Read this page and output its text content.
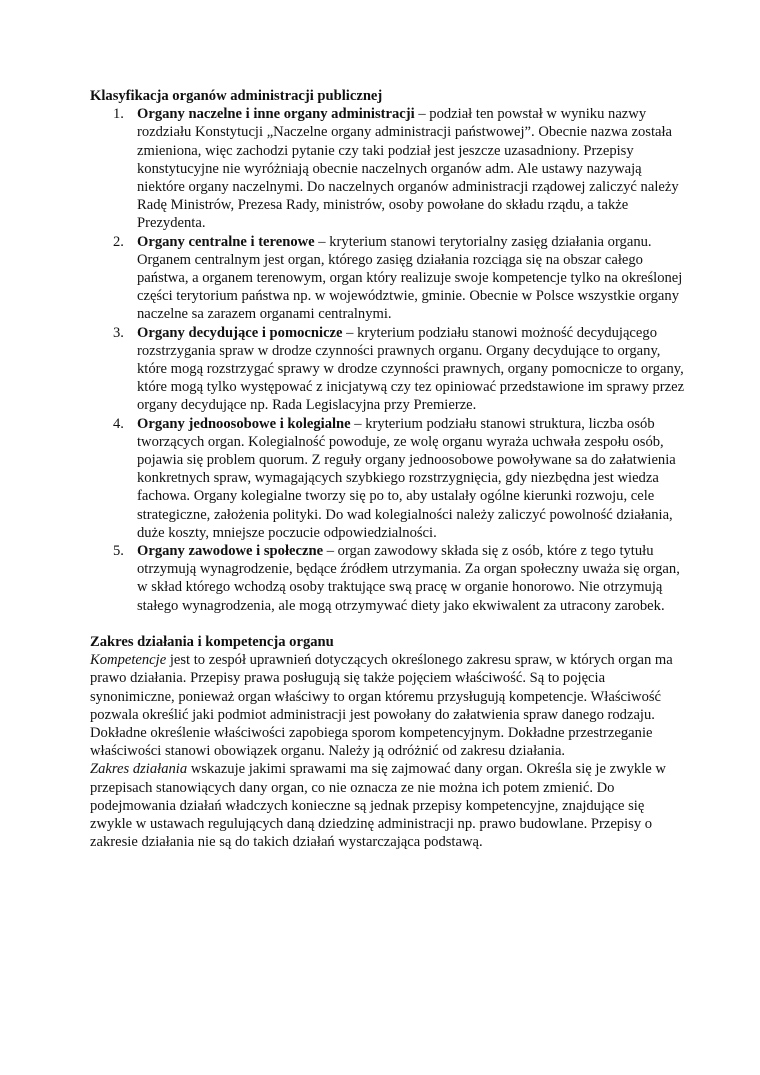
Klasyfikacja organów administracji publicznej

1. Organy naczelne i inne organy administracji – podział ten powstał w wyniku nazwy rozdziału Konstytucji „Naczelne organy administracji państwowej”. Obecnie nazwa została zmieniona, więc zachodzi pytanie czy taki podział jest jeszcze uzasadniony. Przepisy konstytucyjne nie wyróżniają obecnie naczelnych organów adm. Ale ustawy nazywają niektóre organy naczelnymi. Do naczelnych organów administracji rządowej zaliczyć należy Radę Ministrów, Prezesa Rady, ministrów, osoby powołane do składu rządu, a także Prezydenta.
2. Organy centralne i terenowe – kryterium stanowi terytorialny zasięg działania organu. Organem centralnym jest organ, którego zasięg działania rozciąga się na obszar całego państwa, a organem terenowym, organ który realizuje swoje kompetencje tylko na określonej części terytorium państwa np. w województwie, gminie. Obecnie w Polsce wszystkie organy naczelne sa zarazem organami centralnymi.
3. Organy decydujące i pomocnicze – kryterium podziału stanowi możność decydującego rozstrzygania spraw w drodze czynności prawnych organu. Organy decydujące to organy, które mogą rozstrzygać sprawy w drodze czynności prawnych, organy pomocnicze to organy, które mogą tylko występować z inicjatywą czy tez opiniować przedstawione im sprawy przez organy decydujące np. Rada Legislacyjna przy Premierze.
4. Organy jednoosobowe i kolegialne – kryterium podziału stanowi struktura, liczba osób tworzących organ. Kolegialność powoduje, ze wolę organu wyraża uchwała zespołu osób, pojawia się problem quorum. Z reguły organy jednoosobowe powoływane sa do załatwienia konkretnych spraw, wymagających szybkiego rozstrzygnięcia, gdy niezbędna jest wiedza fachowa. Organy kolegialne tworzy się po to, aby ustalały ogólne kierunki rozwoju, cele strategiczne, założenia polityki. Do wad kolegialności należy zaliczyć powolność działania, duże koszty, mniejsze poczucie odpowiedzialności.
5. Organy zawodowe i społeczne – organ zawodowy składa się z osób, które z tego tytułu otrzymują wynagrodzenie, będące źródłem utrzymania. Za organ społeczny uważa się organ, w skład którego wchodzą osoby traktujące swą pracę w organie honorowo. Nie otrzymują stałego wynagrodzenia, ale mogą otrzymywać diety jako ekwiwalent za utracony zarobek.

Zakres działania i kompetencja organu

Kompetencje jest to zespół uprawnień dotyczących określonego zakresu spraw, w których organ ma prawo działania. Przepisy prawa posługują się także pojęciem właściwość. Są to pojęcia synonimiczne, ponieważ organ właściwy to organ któremu przysługują kompetencje. Właściwość pozwala określić jaki podmiot administracji jest powołany do załatwienia spraw danego rodzaju. Dokładne określenie właściwości zapobiega sporom kompetencyjnym. Dokładne przestrzeganie właściwości stanowi obowiązek organu. Należy ją odróżnić od zakresu działania.

Zakres działania wskazuje jakimi sprawami ma się zajmować dany organ. Określa się je zwykle w przepisach stanowiących dany organ, co nie oznacza ze nie można ich potem zmienić. Do podejmowania działań władczych konieczne są jednak przepisy kompetencyjne, znajdujące się zwykle w ustawach regulujących daną dziedzinę administracji np. prawo budowlane. Przepisy o zakresie działania nie są do takich działań wystarczająca podstawą.
